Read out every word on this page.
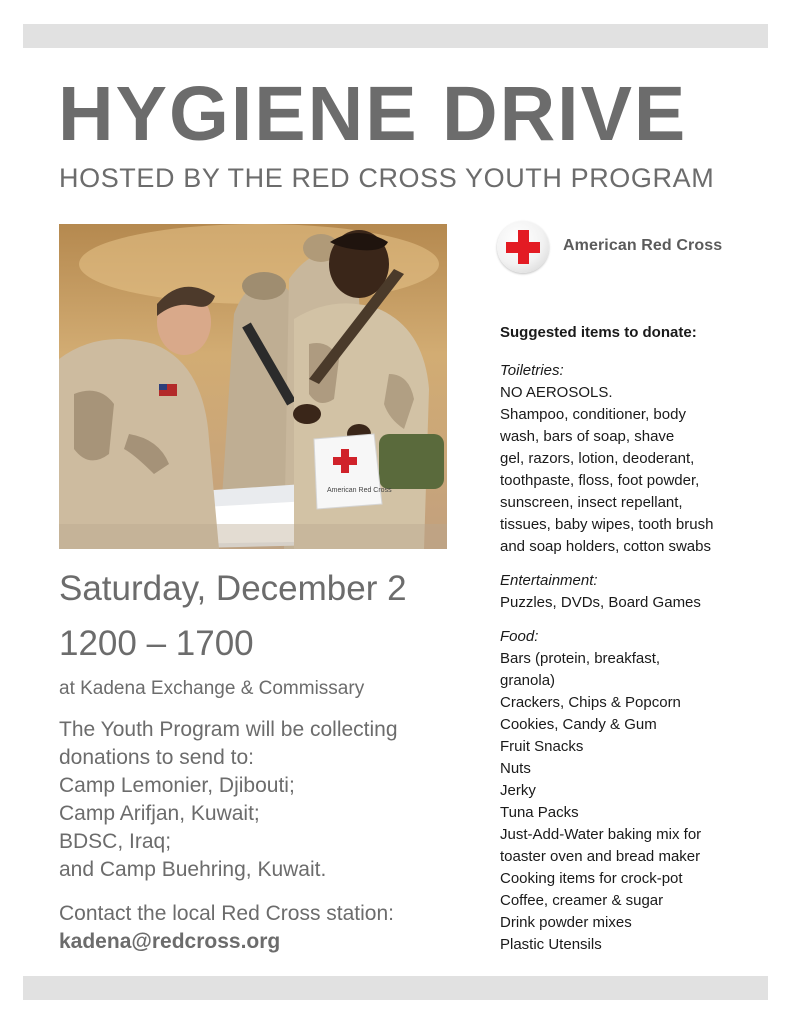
HYGIENE DRIVE
HOSTED BY THE RED CROSS YOUTH PROGRAM
American Red Cross
American Red Cross
Saturday, December 2
1200 – 1700
at Kadena Exchange & Commissary
The Youth Program will be collecting
donations to send to:
Camp Lemonier, Djibouti;
Camp Arifjan, Kuwait;
BDSC, Iraq;
and Camp Buehring, Kuwait.
Contact the local Red Cross station:
kadena@redcross.org
Suggested items to donate:
Toiletries:
NO AEROSOLS.
Shampoo, conditioner, body
wash, bars of soap, shave
gel, razors, lotion, deoderant,
toothpaste, floss, foot powder,
sunscreen, insect repellant,
tissues, baby wipes, tooth brush
and soap holders, cotton swabs
Entertainment:
Puzzles, DVDs, Board Games
Food:
Bars (protein, breakfast,
granola)
Crackers, Chips & Popcorn
Cookies, Candy & Gum
Fruit Snacks
Nuts
Jerky
Tuna Packs
Just-Add-Water baking mix for
toaster oven and bread maker
Cooking items for crock-pot
Coffee, creamer & sugar
Drink powder mixes
Plastic Utensils
